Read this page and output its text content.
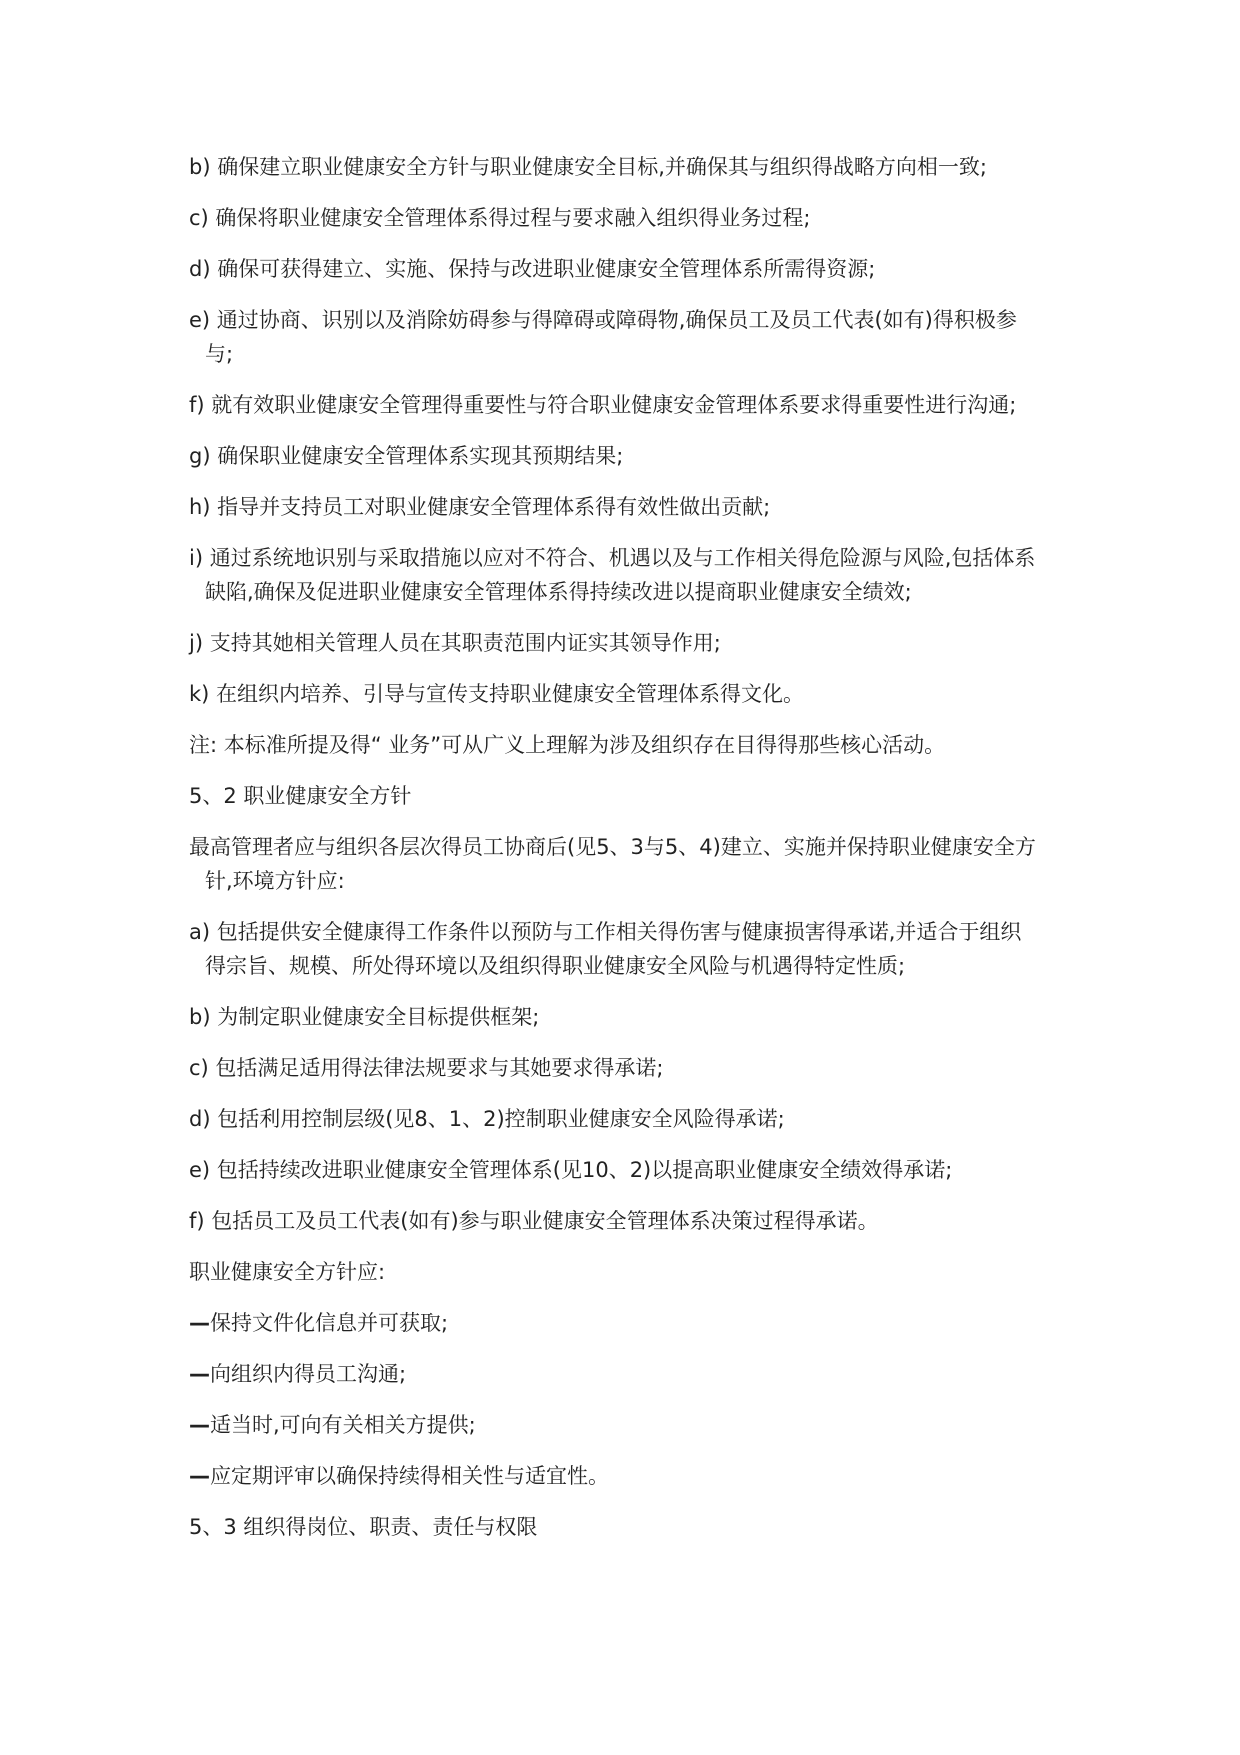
b) 确保建立职业健康安全方针与职业健康安全目标,并确保其与组织得战略方向相一致;

c) 确保将职业健康安全管理体系得过程与要求融入组织得业务过程;

d) 确保可获得建立、实施、保持与改进职业健康安全管理体系所需得资源;

e) 通过协商、识别以及消除妨碍参与得障碍或障碍物,确保员工及员工代表(如有)得积极参与;

f) 就有效职业健康安全管理得重要性与符合职业健康安金管理体系要求得重要性进行沟通;

g) 确保职业健康安全管理体系实现其预期结果;

h) 指导并支持员工对职业健康安全管理体系得有效性做出贡献;

i) 通过系统地识别与采取措施以应对不符合、机遇以及与工作相关得危险源与风险,包括体系缺陷,确保及促进职业健康安全管理体系得持续改进以提商职业健康安全绩效;

j) 支持其她相关管理人员在其职责范围内证实其领导作用;

k) 在组织内培养、引导与宣传支持职业健康安全管理体系得文化。

注: 本标准所提及得“ 业务”可从广义上理解为涉及组织存在目得得那些核心活动。

5、2 职业健康安全方针

最高管理者应与组织各层次得员工协商后(见5、3与5、4)建立、实施并保持职业健康安全方针,环境方针应:

a) 包括提供安全健康得工作条件以预防与工作相关得伤害与健康损害得承诺,并适合于组织得宗旨、规模、所处得环境以及组织得职业健康安全风险与机遇得特定性质;

b) 为制定职业健康安全目标提供框架;

c) 包括满足适用得法律法规要求与其她要求得承诺;

d) 包括利用控制层级(见8、1、2)控制职业健康安全风险得承诺;

e) 包括持续改进职业健康安全管理体系(见10、2)以提高职业健康安全绩效得承诺;

f) 包括员工及员工代表(如有)参与职业健康安全管理体系决策过程得承诺。

职业健康安全方针应:

—保持文件化信息并可获取;

—向组织内得员工沟通;

—适当时,可向有关相关方提供;

—应定期评审以确保持续得相关性与适宜性。

5、3 组织得岗位、职责、责任与权限
